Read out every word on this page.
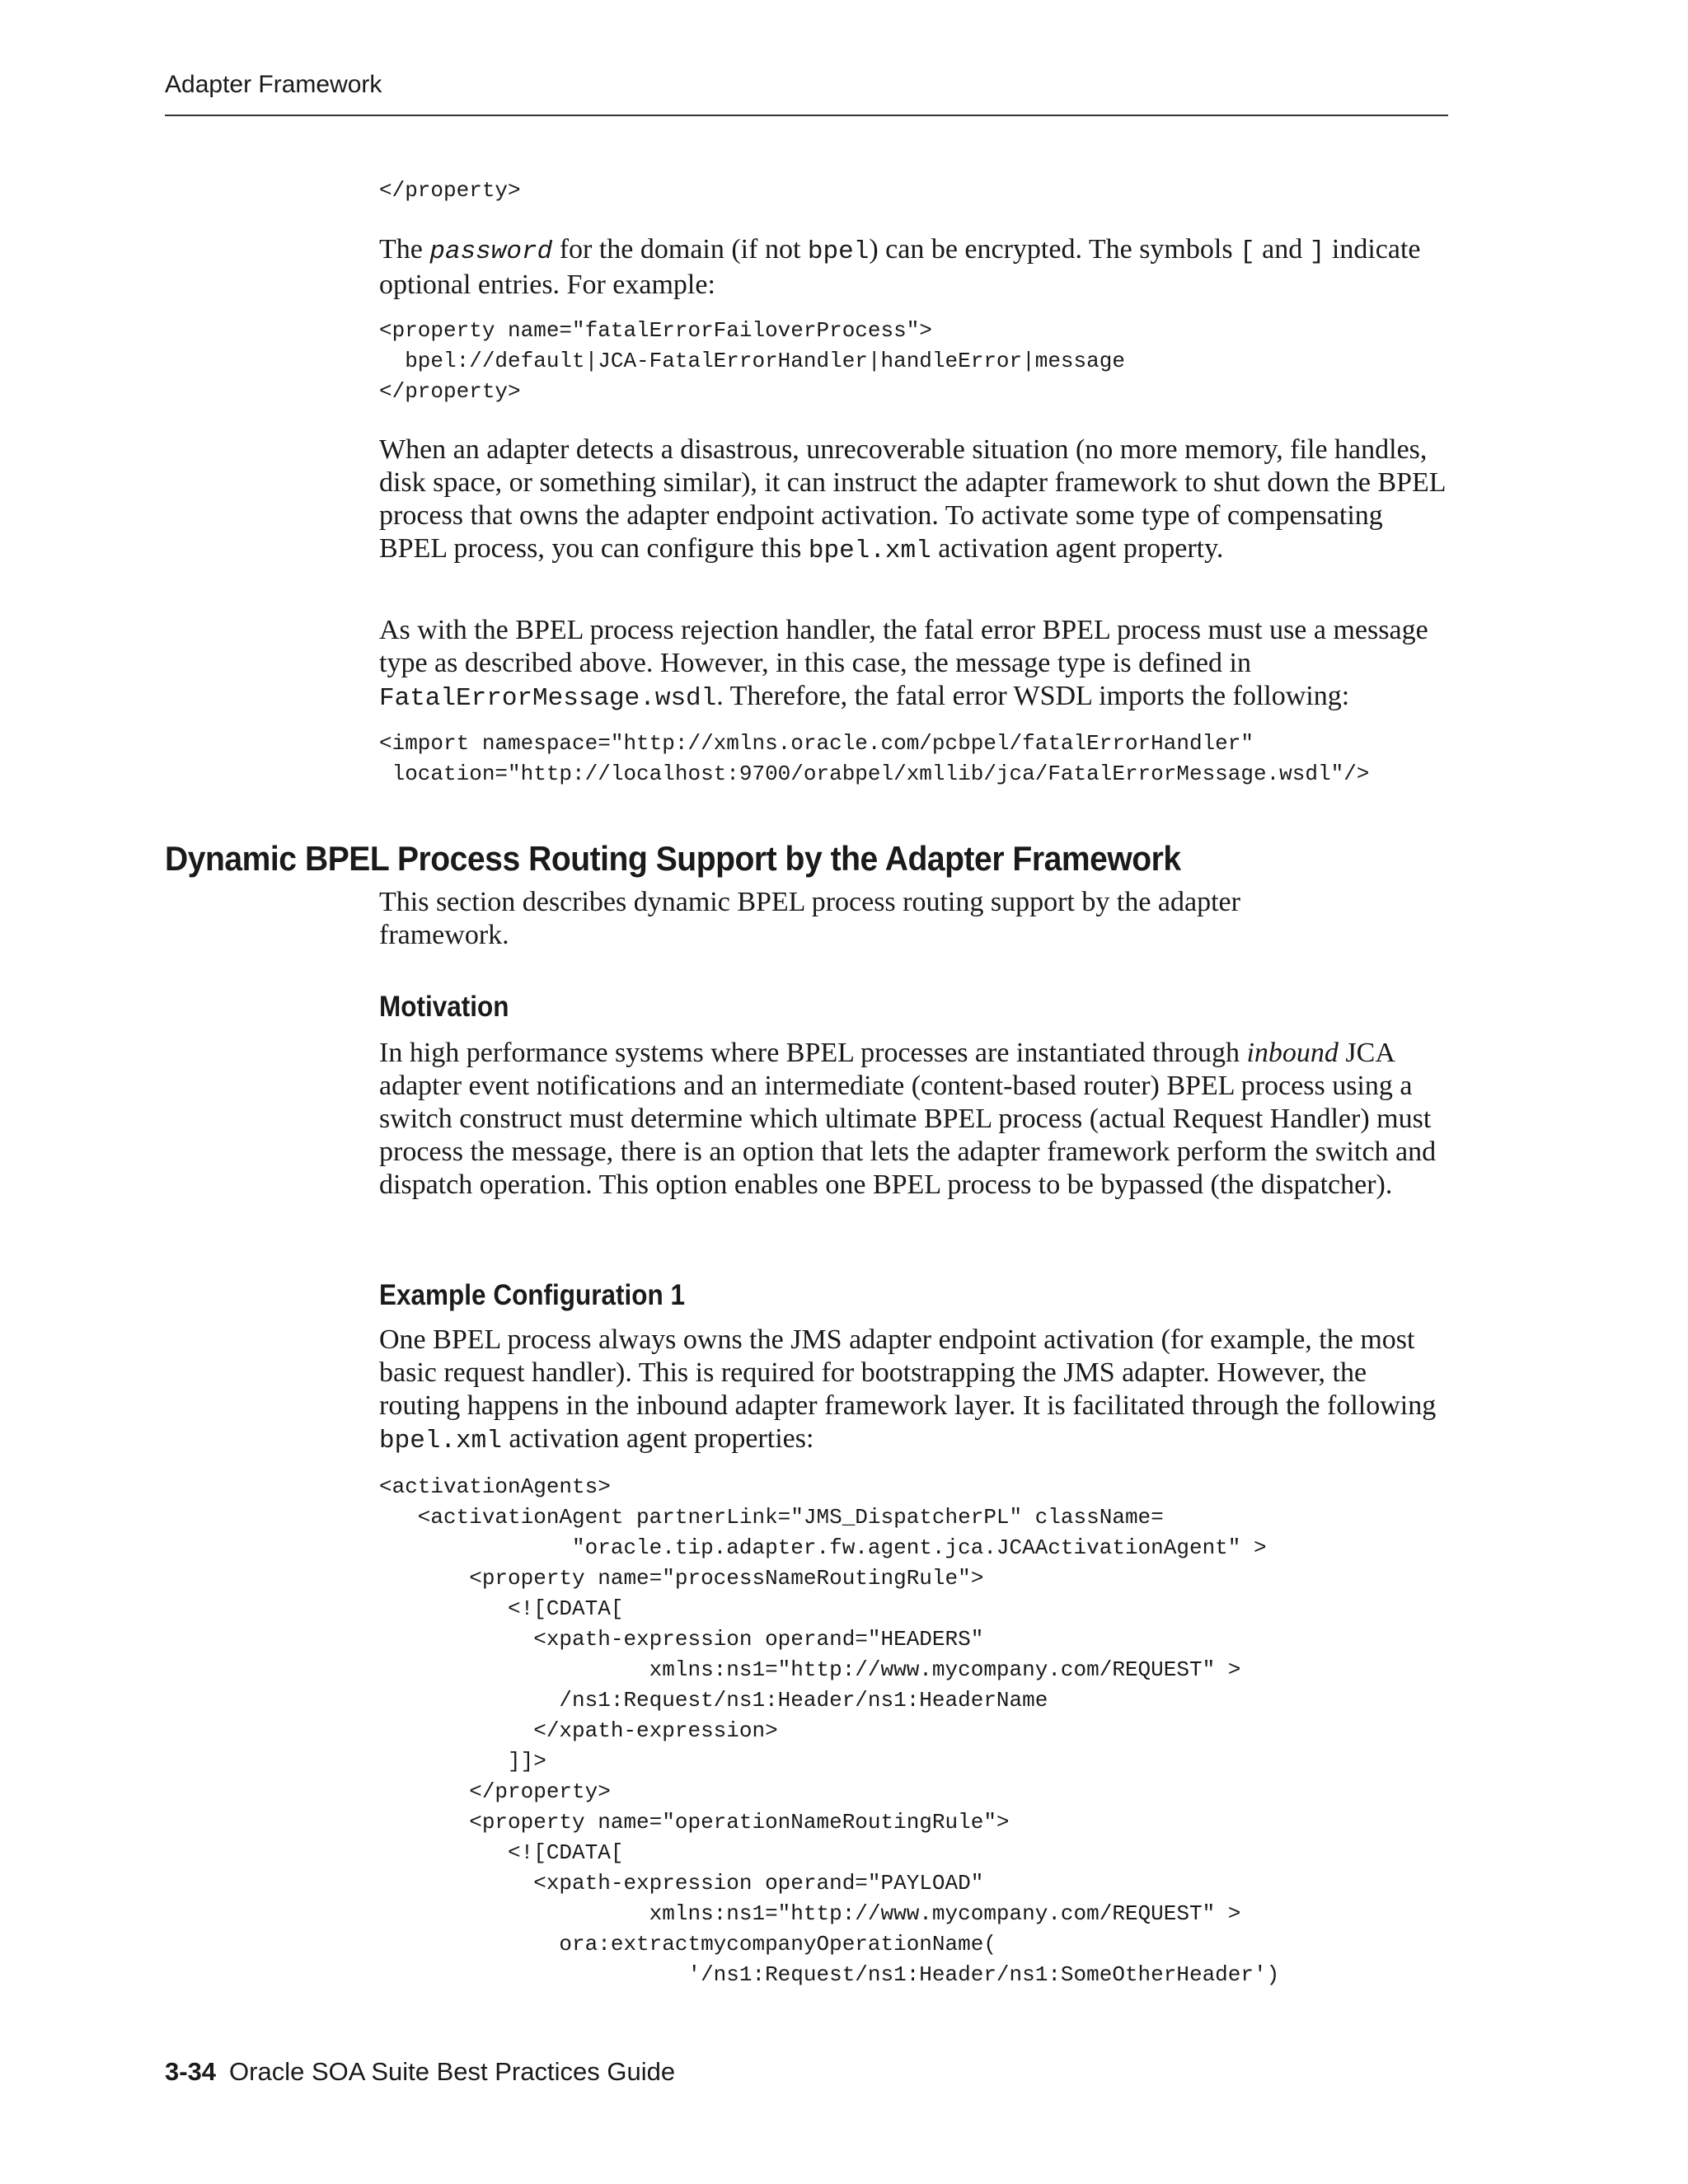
Adapter Framework
</property>

The password for the domain (if not bpel) can be encrypted. The symbols [ and ] indicate optional entries. For example:

<property name="fatalErrorFailoverProcess">
bpel://default|JCA-FatalErrorHandler|handleError|message
</property>

When an adapter detects a disastrous, unrecoverable situation (no more memory, file handles, disk space, or something similar), it can instruct the adapter framework to shut down the BPEL process that owns the adapter endpoint activation. To activate some type of compensating BPEL process, you can configure this bpel.xml activation agent property.

As with the BPEL process rejection handler, the fatal error BPEL process must use a message type as described above. However, in this case, the message type is defined in FatalErrorMessage.wsdl. Therefore, the fatal error WSDL imports the following:

<import namespace="http://xmlns.oracle.com/pcbpel/fatalErrorHandler"
location="http://localhost:9700/orabpel/xmllib/jca/FatalErrorMessage.wsdl"/>
Dynamic BPEL Process Routing Support by the Adapter Framework

This section describes dynamic BPEL process routing support by the adapter framework.

Motivation

In high performance systems where BPEL processes are instantiated through inbound JCA adapter event notifications and an intermediate (content-based router) BPEL process using a switch construct must determine which ultimate BPEL process (actual Request Handler) must process the message, there is an option that lets the adapter framework perform the switch and dispatch operation. This option enables one BPEL process to be bypassed (the dispatcher).

Example Configuration 1

One BPEL process always owns the JMS adapter endpoint activation (for example, the most basic request handler). This is required for bootstrapping the JMS adapter. However, the routing happens in the inbound adapter framework layer. It is facilitated through the following bpel.xml activation agent properties:

<activationAgents>
<activationAgent partnerLink="JMS_DispatcherPL" className=
"oracle.tip.adapter.fw.agent.jca.JCAActivationAgent" >
<property name="processNameRoutingRule">
<![CDATA[
<xpath-expression operand="HEADERS"
xmlns:ns1="http://www.mycompany.com/REQUEST" >
/ns1:Request/ns1:Header/ns1:HeaderName
</xpath-expression>
]]>
</property>
<property name="operationNameRoutingRule">
<![CDATA[
<xpath-expression operand="PAYLOAD"
xmlns:ns1="http://www.mycompany.com/REQUEST" >
ora:extractmycompanyOperationName(
'/ns1:Request/ns1:Header/ns1:SomeOtherHeader')
3-34 Oracle SOA Suite Best Practices Guide
